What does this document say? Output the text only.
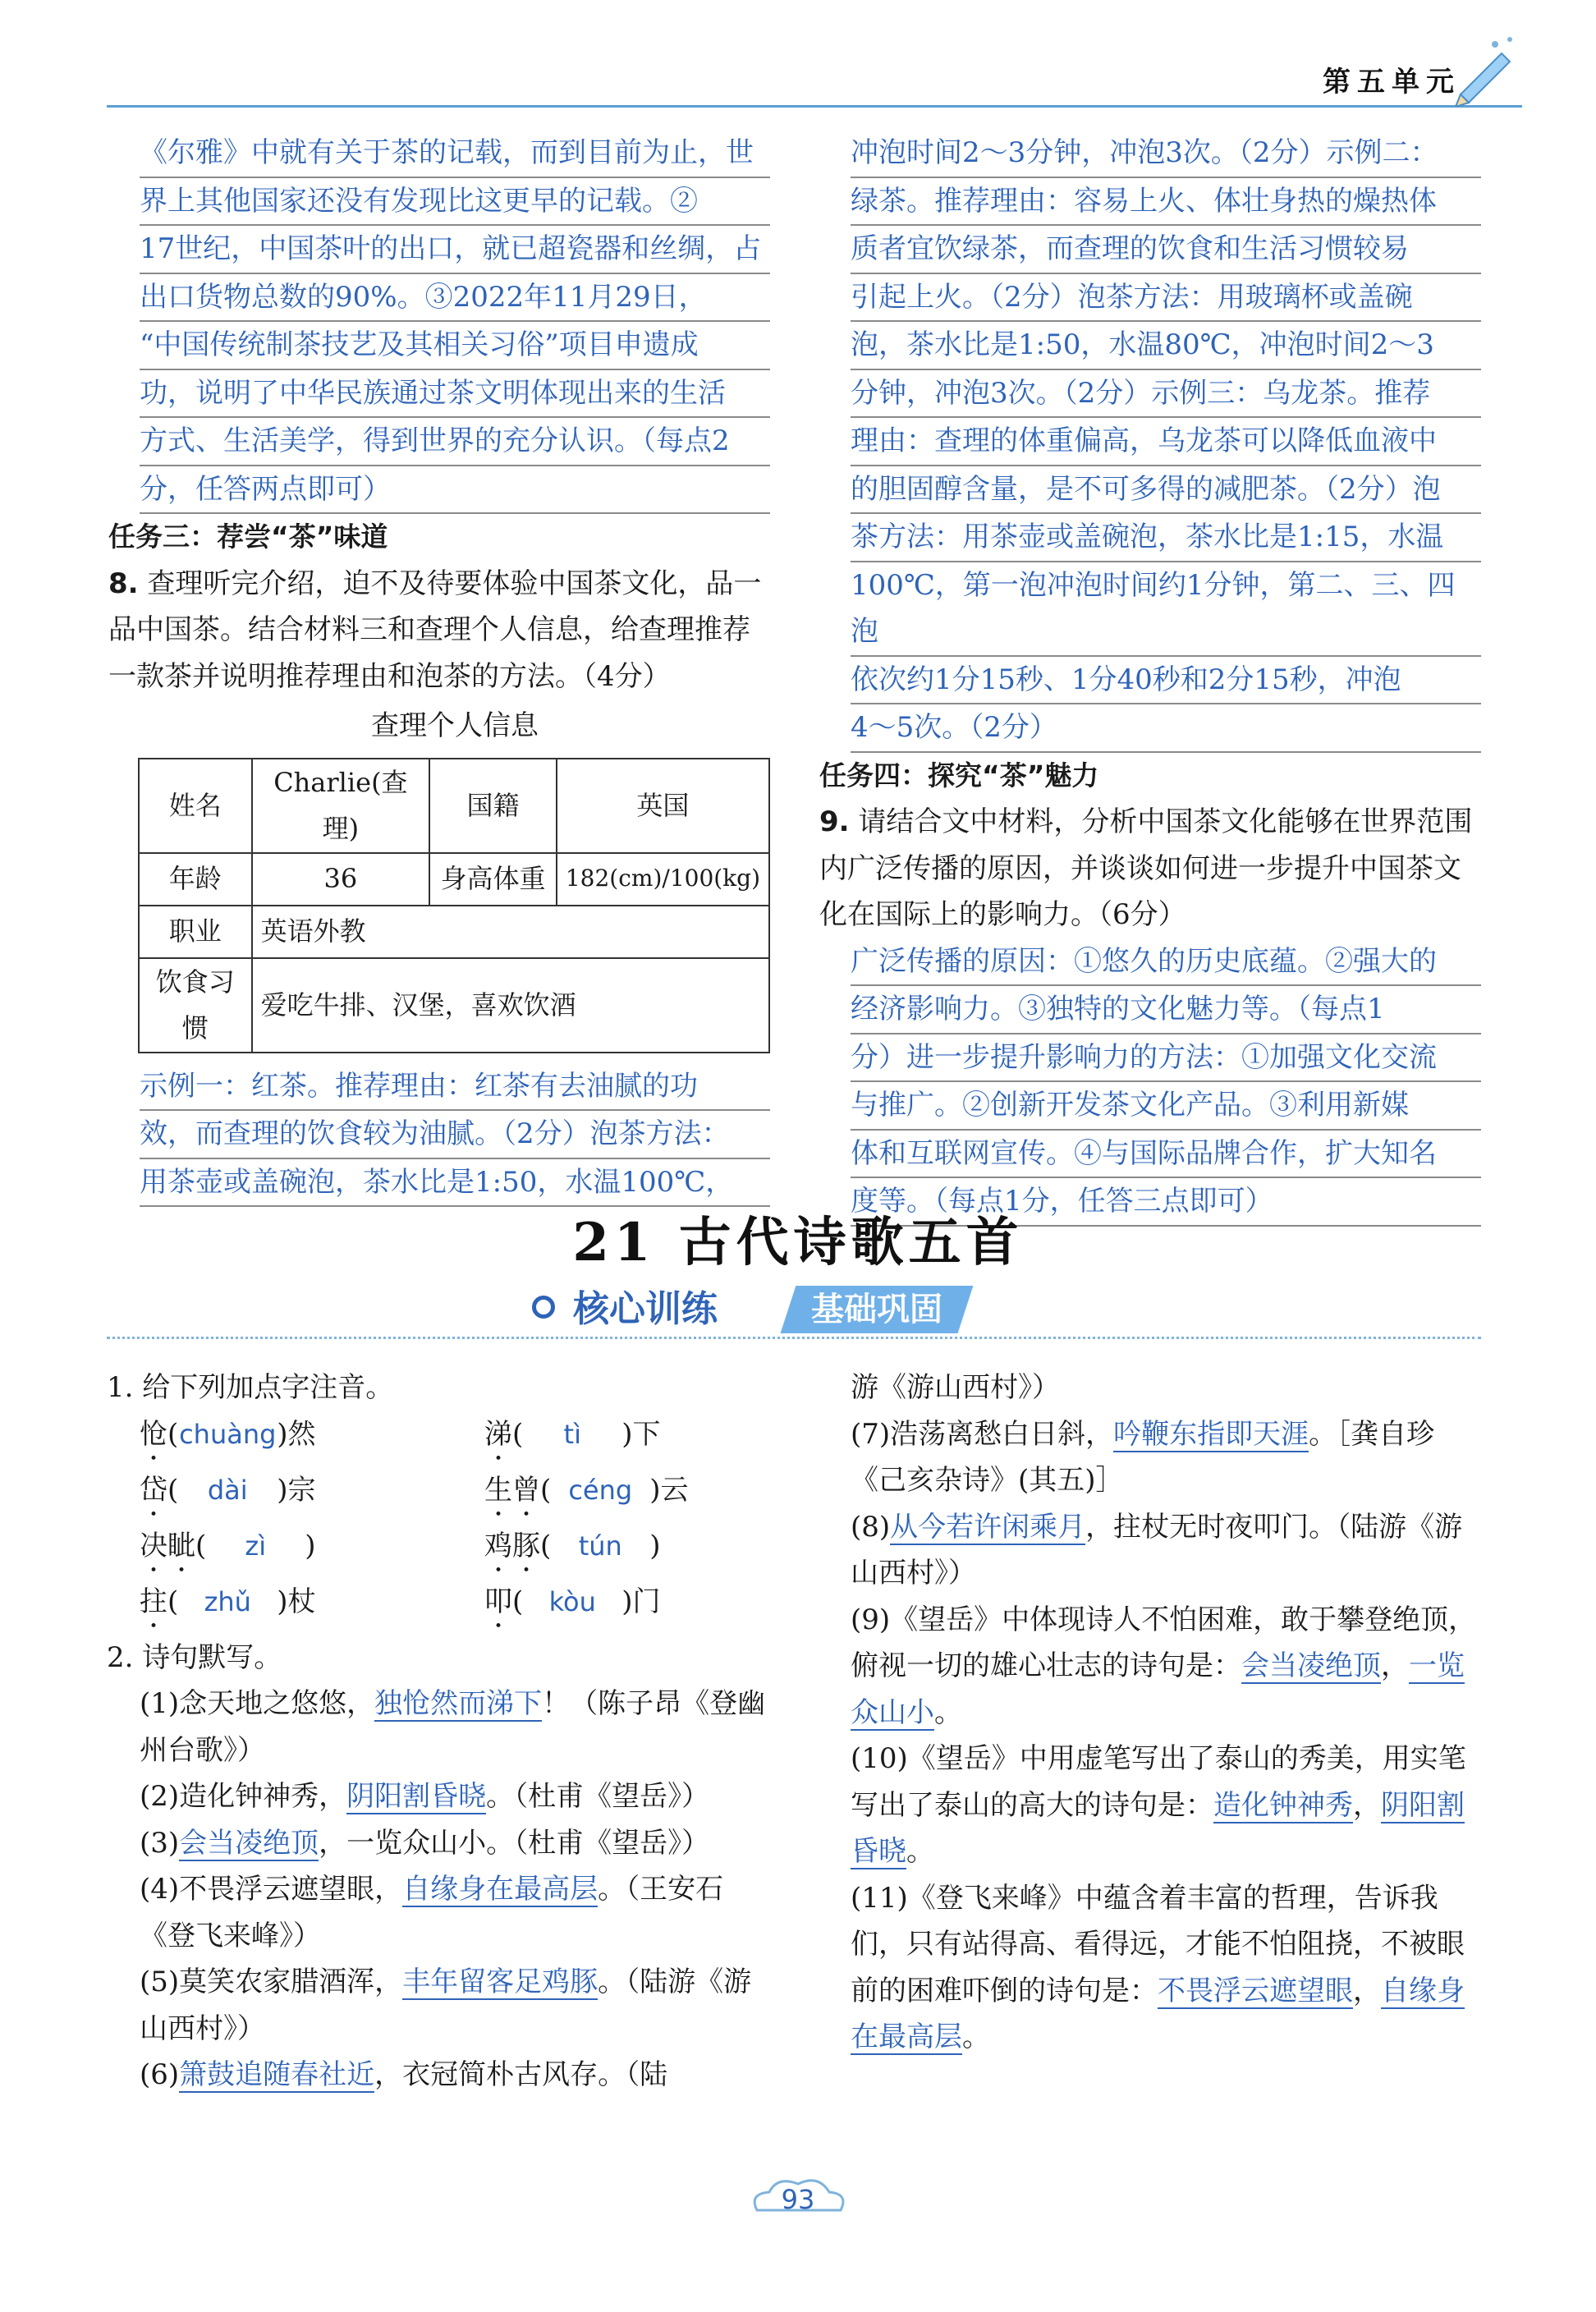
第五单元
《尔雅》中就有关于茶的记载，而到目前为止，世
界上其他国家还没有发现比这更早的记载。②
17世纪，中国茶叶的出口，就已超瓷器和丝绸，占
出口货物总数的90%。③2022年11月29日，
“中国传统制茶技艺及其相关习俗”项目申遗成
功，说明了中华民族通过茶文明体现出来的生活
方式、生活美学，得到世界的充分认识。（每点2
分，任答两点即可）
任务三：荐尝“茶”味道

8. 查理听完介绍，迫不及待要体验中国茶文化，品一品中国茶。结合材料三和查理个人信息，给查理推荐一款茶并说明推荐理由和泡茶的方法。（4分）

查理个人信息
姓名	Charlie(查理)	国籍	英国
年龄	36	身高体重	182(cm)/100(kg)
职业	英语外教		
饮食习惯	爱吃牛排、汉堡，喜欢饮酒		
示例一：红茶。推荐理由：红茶有去油腻的功
效，而查理的饮食较为油腻。（2分）泡茶方法：
用茶壶或盖碗泡，茶水比是1:50，水温100℃，
冲泡时间2～3分钟，冲泡3次。（2分）示例二：
绿茶。推荐理由：容易上火、体壮身热的燥热体
质者宜饮绿茶，而查理的饮食和生活习惯较易
引起上火。（2分）泡茶方法：用玻璃杯或盖碗
泡，茶水比是1:50，水温80℃，冲泡时间2～3
分钟，冲泡3次。（2分）示例三：乌龙茶。推荐
理由：查理的体重偏高，乌龙茶可以降低血液中
的胆固醇含量，是不可多得的减肥茶。（2分）泡
茶方法：用茶壶或盖碗泡，茶水比是1:15，水温
100℃，第一泡冲泡时间约1分钟，第二、三、四泡
依次约1分15秒、1分40秒和2分15秒，冲泡
4～5次。（2分）
任务四：探究“茶”魅力

9. 请结合文中材料，分析中国茶文化能够在世界范围内广泛传播的原因，并谈谈如何进一步提升中国茶文化在国际上的影响力。（6分）

广泛传播的原因：①悠久的历史底蕴。②强大的
经济影响力。③独特的文化魅力等。（每点1
分）进一步提升影响力的方法：①加强文化交流
与推广。②创新开发茶文化产品。③利用新媒
体和互联网宣传。④与国际品牌合作，扩大知名
度等。（每点1分，任答三点即可）
21 古代诗歌五首
核心训练	基础巩固
1. 给下列加点字注音。
怆(chuàng)然	涕( tì )下
岱( dài )宗	生曾( céng )云
决眦( zì )	鸡豚( tún )
拄( zhǔ )杖	叩( kòu )门
2. 诗句默写。
(1)念天地之悠悠，独怆然而涕下！（陈子昂《登幽州台歌》）
(2)造化钟神秀，阴阳割昏晓。（杜甫《望岳》）
(3)会当凌绝顶，一览众山小。（杜甫《望岳》）
(4)不畏浮云遮望眼，自缘身在最高层。（王安石《登飞来峰》）
(5)莫笑农家腊酒浑，丰年留客足鸡豚。（陆游《游山西村》）
(6)箫鼓追随春社近，衣冠简朴古风存。（陆
游《游山西村》）
(7)浩荡离愁白日斜，吟鞭东指即天涯。［龚自珍《己亥杂诗》(其五)］
(8)从今若许闲乘月，拄杖无时夜叩门。（陆游《游山西村》）
(9)《望岳》中体现诗人不怕困难，敢于攀登绝顶，俯视一切的雄心壮志的诗句是：会当凌绝顶，一览众山小。
(10)《望岳》中用虚笔写出了泰山的秀美，用实笔写出了泰山的高大的诗句是：造化钟神秀，阴阳割昏晓。
(11)《登飞来峰》中蕴含着丰富的哲理，告诉我们，只有站得高、看得远，才能不怕阻挠，不被眼前的困难吓倒的诗句是：不畏浮云遮望眼，自缘身在最高层。
93
